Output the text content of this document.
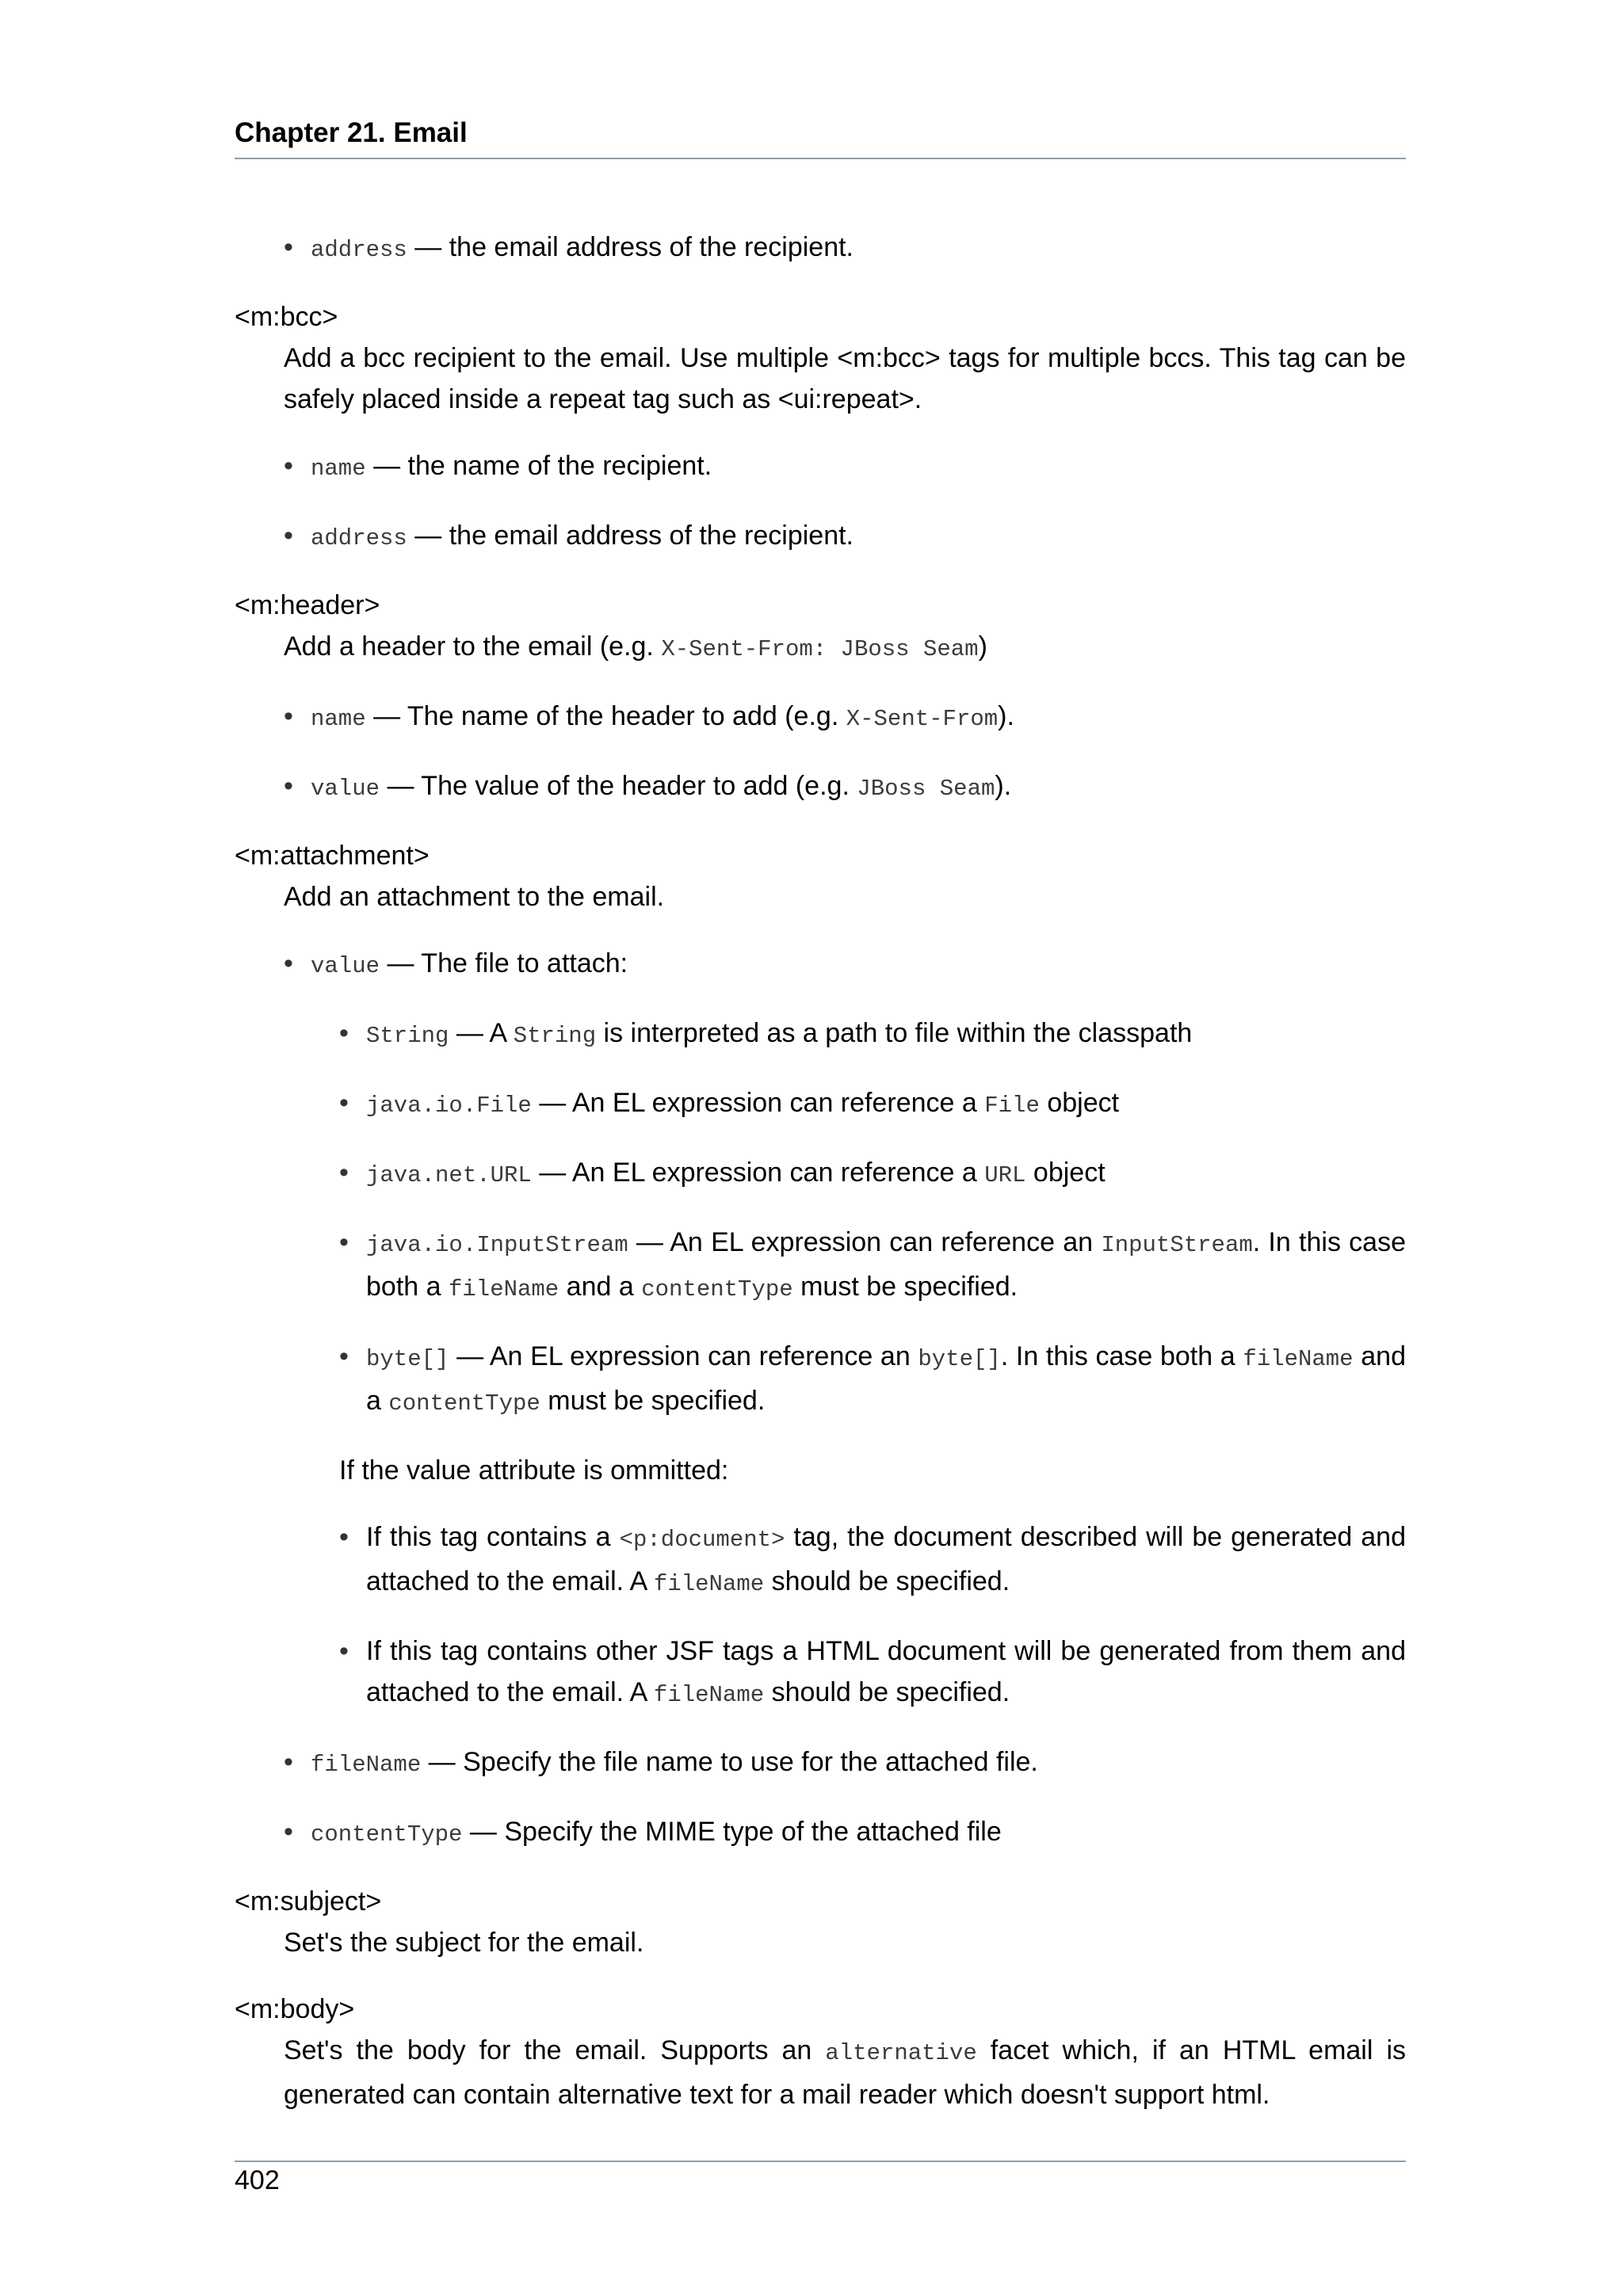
Chapter 21. Email
• address — the email address of the recipient.

<m:bcc>

Add a bcc recipient to the email. Use multiple <m:bcc> tags for multiple bccs. This tag can be safely placed inside a repeat tag such as <ui:repeat>.

• name — the name of the recipient.
• address — the email address of the recipient.

<m:header>

Add a header to the email (e.g. X-Sent-From: JBoss Seam)

• name — The name of the header to add (e.g. X-Sent-From).
• value — The value of the header to add (e.g. JBoss Seam).

<m:attachment>

Add an attachment to the email.

• value — The file to attach:
• String — A String is interpreted as a path to file within the classpath
• java.io.File — An EL expression can reference a File object
• java.net.URL — An EL expression can reference a URL object
• java.io.InputStream — An EL expression can reference an InputStream. In this case both a fileName and a contentType must be specified.
• byte[] — An EL expression can reference an byte[]. In this case both a fileName and a contentType must be specified.

If the value attribute is ommitted:

• If this tag contains a <p:document> tag, the document described will be generated and attached to the email. A fileName should be specified.
• If this tag contains other JSF tags a HTML document will be generated from them and attached to the email. A fileName should be specified.
• fileName — Specify the file name to use for the attached file.
• contentType — Specify the MIME type of the attached file

<m:subject>

Set's the subject for the email.

<m:body>

Set's the body for the email. Supports an alternative facet which, if an HTML email is generated can contain alternative text for a mail reader which doesn't support html.

402
